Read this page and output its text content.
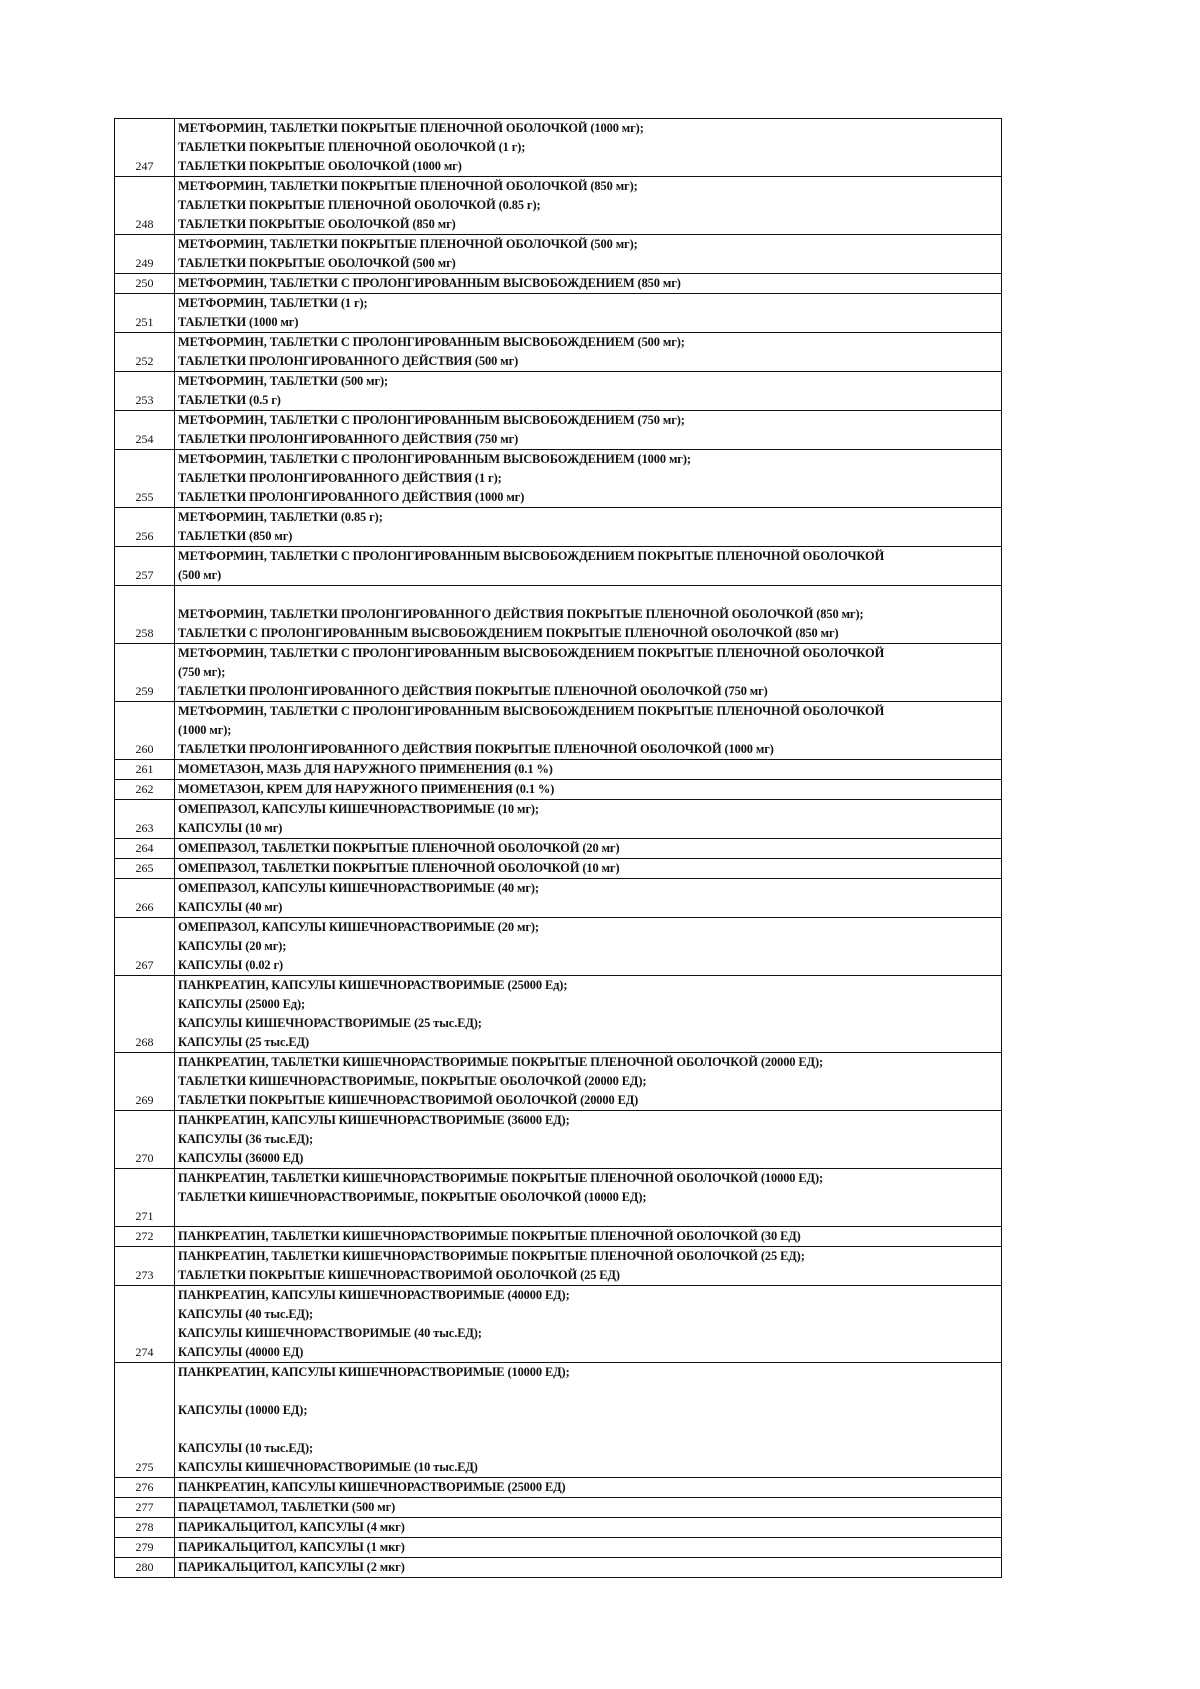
247	МЕТФОРМИН, ТАБЛЕТКИ ПОКРЫТЫЕ ПЛЕНОЧНОЙ ОБОЛОЧКОЙ (1000 мг);
ТАБЛЕТКИ ПОКРЫТЫЕ ПЛЕНОЧНОЙ ОБОЛОЧКОЙ (1 г);
ТАБЛЕТКИ ПОКРЫТЫЕ ОБОЛОЧКОЙ (1000 мг)

248	МЕТФОРМИН, ТАБЛЕТКИ ПОКРЫТЫЕ ПЛЕНОЧНОЙ ОБОЛОЧКОЙ (850 мг);
ТАБЛЕТКИ ПОКРЫТЫЕ ПЛЕНОЧНОЙ ОБОЛОЧКОЙ (0.85 г);
ТАБЛЕТКИ ПОКРЫТЫЕ ОБОЛОЧКОЙ (850 мг)

249	МЕТФОРМИН, ТАБЛЕТКИ ПОКРЫТЫЕ ПЛЕНОЧНОЙ ОБОЛОЧКОЙ (500 мг);
ТАБЛЕТКИ ПОКРЫТЫЕ ОБОЛОЧКОЙ (500 мг)

250	МЕТФОРМИН, ТАБЛЕТКИ С ПРОЛОНГИРОВАННЫМ ВЫСВОБОЖДЕНИЕМ (850 мг)

251	МЕТФОРМИН, ТАБЛЕТКИ (1 г);
ТАБЛЕТКИ (1000 мг)

252	МЕТФОРМИН, ТАБЛЕТКИ С ПРОЛОНГИРОВАННЫМ ВЫСВОБОЖДЕНИЕМ (500 мг);
ТАБЛЕТКИ ПРОЛОНГИРОВАННОГО ДЕЙСТВИЯ (500 мг)

253	МЕТФОРМИН, ТАБЛЕТКИ (500 мг);
ТАБЛЕТКИ (0.5 г)

254	МЕТФОРМИН, ТАБЛЕТКИ С ПРОЛОНГИРОВАННЫМ ВЫСВОБОЖДЕНИЕМ (750 мг);
ТАБЛЕТКИ ПРОЛОНГИРОВАННОГО ДЕЙСТВИЯ (750 мг)

255	МЕТФОРМИН, ТАБЛЕТКИ С ПРОЛОНГИРОВАННЫМ ВЫСВОБОЖДЕНИЕМ (1000 мг);
ТАБЛЕТКИ ПРОЛОНГИРОВАННОГО ДЕЙСТВИЯ (1 г);
ТАБЛЕТКИ ПРОЛОНГИРОВАННОГО ДЕЙСТВИЯ (1000 мг)

256	МЕТФОРМИН, ТАБЛЕТКИ (0.85 г);
ТАБЛЕТКИ (850 мг)

257	МЕТФОРМИН, ТАБЛЕТКИ С ПРОЛОНГИРОВАННЫМ ВЫСВОБОЖДЕНИЕМ ПОКРЫТЫЕ ПЛЕНОЧНОЙ ОБОЛОЧКОЙ
(500 мг)

258	МЕТФОРМИН, ТАБЛЕТКИ ПРОЛОНГИРОВАННОГО ДЕЙСТВИЯ ПОКРЫТЫЕ ПЛЕНОЧНОЙ ОБОЛОЧКОЙ (850 мг);
ТАБЛЕТКИ С ПРОЛОНГИРОВАННЫМ ВЫСВОБОЖДЕНИЕМ ПОКРЫТЫЕ ПЛЕНОЧНОЙ ОБОЛОЧКОЙ (850 мг)

259	МЕТФОРМИН, ТАБЛЕТКИ С ПРОЛОНГИРОВАННЫМ ВЫСВОБОЖДЕНИЕМ ПОКРЫТЫЕ ПЛЕНОЧНОЙ ОБОЛОЧКОЙ
(750 мг);
ТАБЛЕТКИ ПРОЛОНГИРОВАННОГО ДЕЙСТВИЯ ПОКРЫТЫЕ ПЛЕНОЧНОЙ ОБОЛОЧКОЙ (750 мг)

260	МЕТФОРМИН, ТАБЛЕТКИ С ПРОЛОНГИРОВАННЫМ ВЫСВОБОЖДЕНИЕМ ПОКРЫТЫЕ ПЛЕНОЧНОЙ ОБОЛОЧКОЙ
(1000 мг);
ТАБЛЕТКИ ПРОЛОНГИРОВАННОГО ДЕЙСТВИЯ ПОКРЫТЫЕ ПЛЕНОЧНОЙ ОБОЛОЧКОЙ (1000 мг)

261	МОМЕТАЗОН, МАЗЬ ДЛЯ НАРУЖНОГО ПРИМЕНЕНИЯ (0.1 %)

262	МОМЕТАЗОН, КРЕМ ДЛЯ НАРУЖНОГО ПРИМЕНЕНИЯ (0.1 %)

263	ОМЕПРАЗОЛ, КАПСУЛЫ КИШЕЧНОРАСТВОРИМЫЕ (10 мг);
КАПСУЛЫ (10 мг)

264	ОМЕПРАЗОЛ, ТАБЛЕТКИ ПОКРЫТЫЕ ПЛЕНОЧНОЙ ОБОЛОЧКОЙ (20 мг)

265	ОМЕПРАЗОЛ, ТАБЛЕТКИ ПОКРЫТЫЕ ПЛЕНОЧНОЙ ОБОЛОЧКОЙ (10 мг)

266	ОМЕПРАЗОЛ, КАПСУЛЫ КИШЕЧНОРАСТВОРИМЫЕ (40 мг);
КАПСУЛЫ (40 мг)

267	ОМЕПРАЗОЛ, КАПСУЛЫ КИШЕЧНОРАСТВОРИМЫЕ (20 мг);
КАПСУЛЫ (20 мг);
КАПСУЛЫ (0.02 г)

268	ПАНКРЕАТИН, КАПСУЛЫ КИШЕЧНОРАСТВОРИМЫЕ (25000 Ед);
КАПСУЛЫ (25000 Ед);
КАПСУЛЫ КИШЕЧНОРАСТВОРИМЫЕ (25 тыс.ЕД);
КАПСУЛЫ (25 тыс.ЕД)

269	ПАНКРЕАТИН, ТАБЛЕТКИ КИШЕЧНОРАСТВОРИМЫЕ ПОКРЫТЫЕ ПЛЕНОЧНОЙ ОБОЛОЧКОЙ (20000 ЕД);
ТАБЛЕТКИ КИШЕЧНОРАСТВОРИМЫЕ, ПОКРЫТЫЕ ОБОЛОЧКОЙ (20000 ЕД);
ТАБЛЕТКИ ПОКРЫТЫЕ КИШЕЧНОРАСТВОРИМОЙ ОБОЛОЧКОЙ (20000 ЕД)

270	ПАНКРЕАТИН, КАПСУЛЫ КИШЕЧНОРАСТВОРИМЫЕ (36000 ЕД);
КАПСУЛЫ (36 тыс.ЕД);
КАПСУЛЫ (36000 ЕД)

271	ПАНКРЕАТИН, ТАБЛЕТКИ КИШЕЧНОРАСТВОРИМЫЕ ПОКРЫТЫЕ ПЛЕНОЧНОЙ ОБОЛОЧКОЙ (10000 ЕД);
ТАБЛЕТКИ КИШЕЧНОРАСТВОРИМЫЕ, ПОКРЫТЫЕ ОБОЛОЧКОЙ (10000 ЕД);

272	ПАНКРЕАТИН, ТАБЛЕТКИ КИШЕЧНОРАСТВОРИМЫЕ ПОКРЫТЫЕ ПЛЕНОЧНОЙ ОБОЛОЧКОЙ (30 ЕД)

273	ПАНКРЕАТИН, ТАБЛЕТКИ КИШЕЧНОРАСТВОРИМЫЕ ПОКРЫТЫЕ ПЛЕНОЧНОЙ ОБОЛОЧКОЙ (25 ЕД);
ТАБЛЕТКИ ПОКРЫТЫЕ КИШЕЧНОРАСТВОРИМОЙ ОБОЛОЧКОЙ (25 ЕД)

274	ПАНКРЕАТИН, КАПСУЛЫ КИШЕЧНОРАСТВОРИМЫЕ (40000 ЕД);
КАПСУЛЫ (40 тыс.ЕД);
КАПСУЛЫ КИШЕЧНОРАСТВОРИМЫЕ (40 тыс.ЕД);
КАПСУЛЫ (40000 ЕД)

275	ПАНКРЕАТИН, КАПСУЛЫ КИШЕЧНОРАСТВОРИМЫЕ (10000 ЕД);

КАПСУЛЫ (10000 ЕД);

КАПСУЛЫ (10 тыс.ЕД);
КАПСУЛЫ КИШЕЧНОРАСТВОРИМЫЕ (10 тыс.ЕД)

276	ПАНКРЕАТИН, КАПСУЛЫ КИШЕЧНОРАСТВОРИМЫЕ (25000 ЕД)

277	ПАРАЦЕТАМОЛ, ТАБЛЕТКИ (500 мг)

278	ПАРИКАЛЬЦИТОЛ, КАПСУЛЫ (4 мкг)

279	ПАРИКАЛЬЦИТОЛ, КАПСУЛЫ (1 мкг)

280	ПАРИКАЛЬЦИТОЛ, КАПСУЛЫ (2 мкг)
